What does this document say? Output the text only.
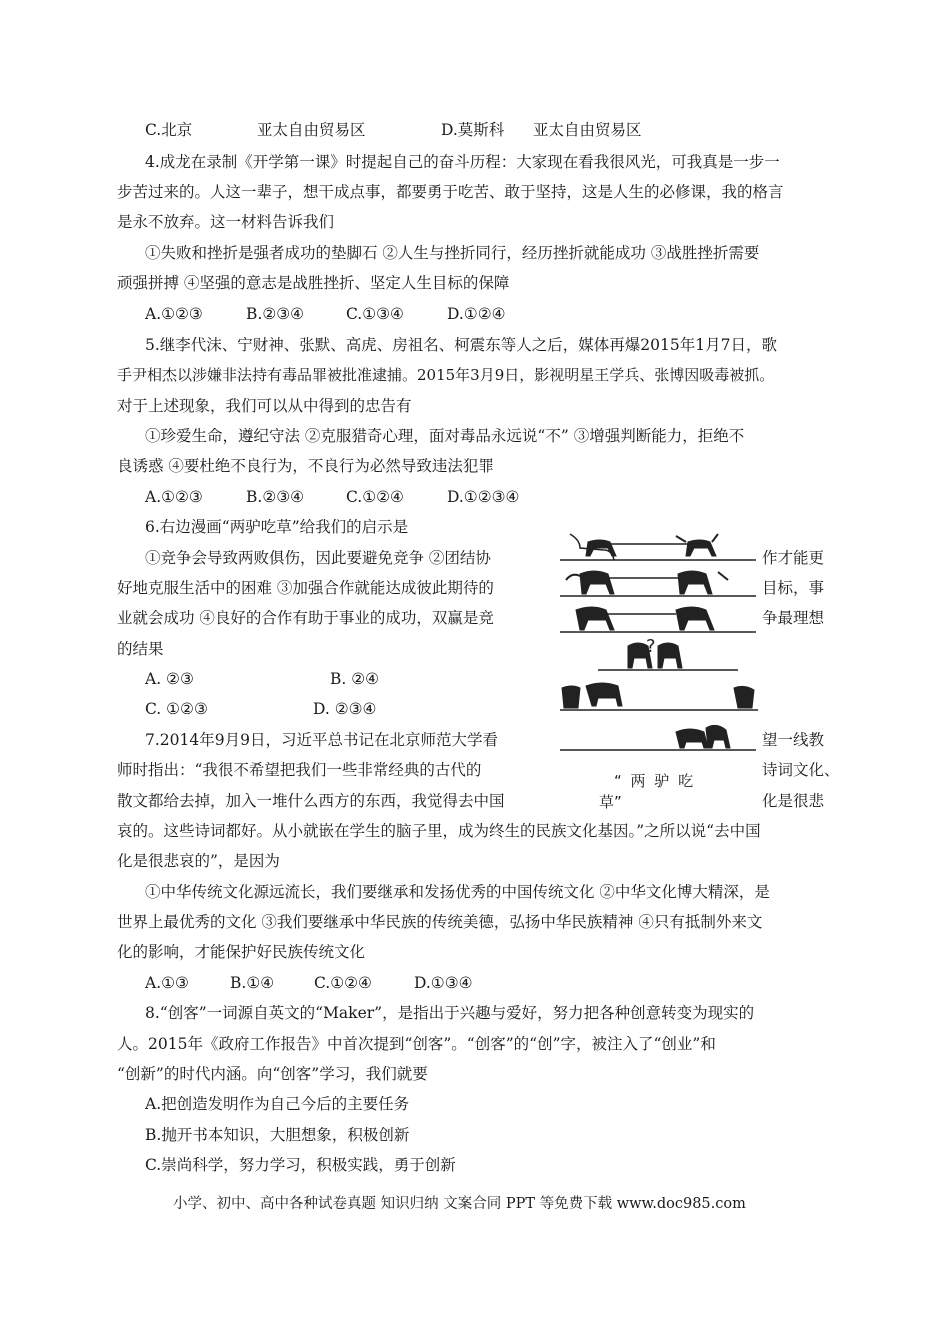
C.北京	亚太自由贸易区	D.莫斯科 亚太自由贸易区
4.成龙在录制《开学第一课》时提起自己的奋斗历程：大家现在看我很风光，可我真是一步一
步苦过来的。人这一辈子，想干成点事，都要勇于吃苦、敢于坚持，这是人生的必修课，我的格言
是永不放弃。这一材料告诉我们
①失败和挫折是强者成功的垫脚石 ②人生与挫折同行，经历挫折就能成功 ③战胜挫折需要
顽强拼搏 ④坚强的意志是战胜挫折、坚定人生目标的保障
A.①②③	B.②③④	C.①③④	D.①②④
5.继李代沫、宁财神、张默、高虎、房祖名、柯震东等人之后，媒体再爆2015年1月7日，歌
手尹相杰以涉嫌非法持有毒品罪被批准逮捕。2015年3月9日，影视明星王学兵、张博因吸毒被抓。
对于上述现象，我们可以从中得到的忠告有
①珍爱生命，遵纪守法 ②克服猎奇心理，面对毒品永远说“不” ③增强判断能力，拒绝不
良诱惑 ④要杜绝不良行为，不良行为必然导致违法犯罪
A.①②③	B.②③④	C.①②④	D.①②③④
6.右边漫画“两驴吃草”给我们的启示是
①竞争会导致两败俱伤，因此要避免竞争 ②团结协
好地克服生活中的困难 ③加强合作就能达成彼此期待的
业就会成功 ④良好的合作有助于事业的成功，双赢是竞
的结果
作才能更
目标，事
争最理想
A. ②③	B. ②④
C. ①②③	D. ②③④
?
“ 两 驴 吃
草”
7.2014年9月9日，习近平总书记在北京师范大学看
师时指出：“我很不希望把我们一些非常经典的古代的
散文都给去掉，加入一堆什么西方的东西，我觉得去中国
望一线教
诗词文化、
化是很悲
哀的。这些诗词都好。从小就嵌在学生的脑子里，成为终生的民族文化基因。”之所以说“去中国
化是很悲哀的”，是因为
①中华传统文化源远流长，我们要继承和发扬优秀的中国传统文化 ②中华文化博大精深，是
世界上最优秀的文化 ③我们要继承中华民族的传统美德，弘扬中华民族精神 ④只有抵制外来文
化的影响，才能保护好民族传统文化
A.①③	B.①④	C.①②④	D.①③④
8.“创客”一词源自英文的“Maker”，是指出于兴趣与爱好，努力把各种创意转变为现实的
人。2015年《政府工作报告》中首次提到“创客”。“创客”的“创”字，被注入了“创业”和
“创新”的时代内涵。向“创客”学习，我们就要
A.把创造发明作为自己今后的主要任务
B.抛开书本知识，大胆想象，积极创新
C.崇尚科学，努力学习，积极实践，勇于创新
小学、初中、高中各种试卷真题 知识归纳 文案合同 PPT 等免费下载 www.doc985.com
